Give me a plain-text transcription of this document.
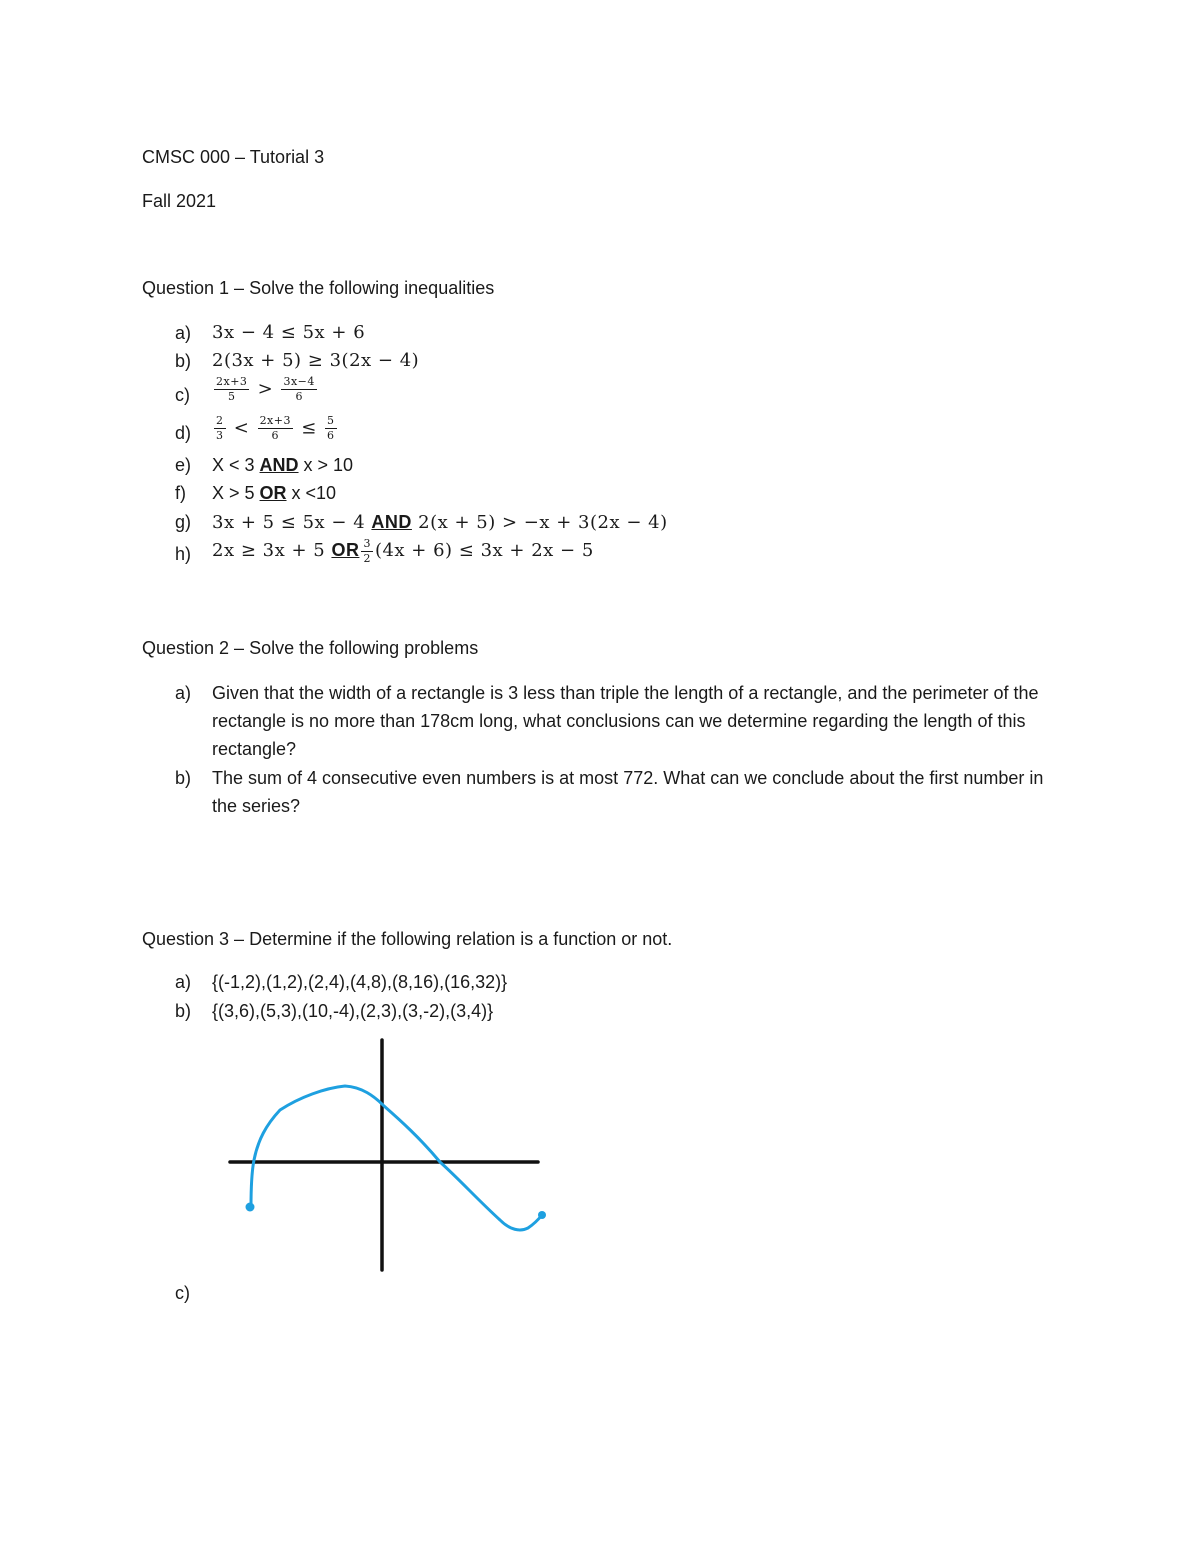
CMSC 000 – Tutorial 3
Fall 2021
Question 1 – Solve the following inequalities
a)	3x − 4 ≤ 5x + 6
b)	2(3x + 5) ≥ 3(2x − 4)
c)	$\frac{2x+3}{5} > \frac{3x-4}{6}$
d)	$\frac{2}{3} < \frac{2x+3}{6} \le \frac{5}{6}$
e)	X < 3 AND x > 10
f)	X > 5 OR x <10
g)	3x + 5 ≤ 5x − 4 AND 2(x + 5) > −x + 3(2x − 4)
h)	2x ≥ 3x + 5 OR $\frac{3}{2} (4x + 6) \le 3x + 2x - 5$
Question 2 – Solve the following problems
a)	Given that the width of a rectangle is 3 less than triple the length of a rectangle, and the perimeter of the rectangle is no more than 178cm long, what conclusions can we determine regarding the length of this rectangle?
b)	The sum of 4 consecutive even numbers is at most 772. What can we conclude about the first number in the series?
Question 3 – Determine if the following relation is a function or not.
a)	{(-1,2),(1,2),(2,4),(4,8),(8,16),(16,32)}
b)	{(3,6),(5,3),(10,-4),(2,3),(3,-2),(3,4)}
c)
